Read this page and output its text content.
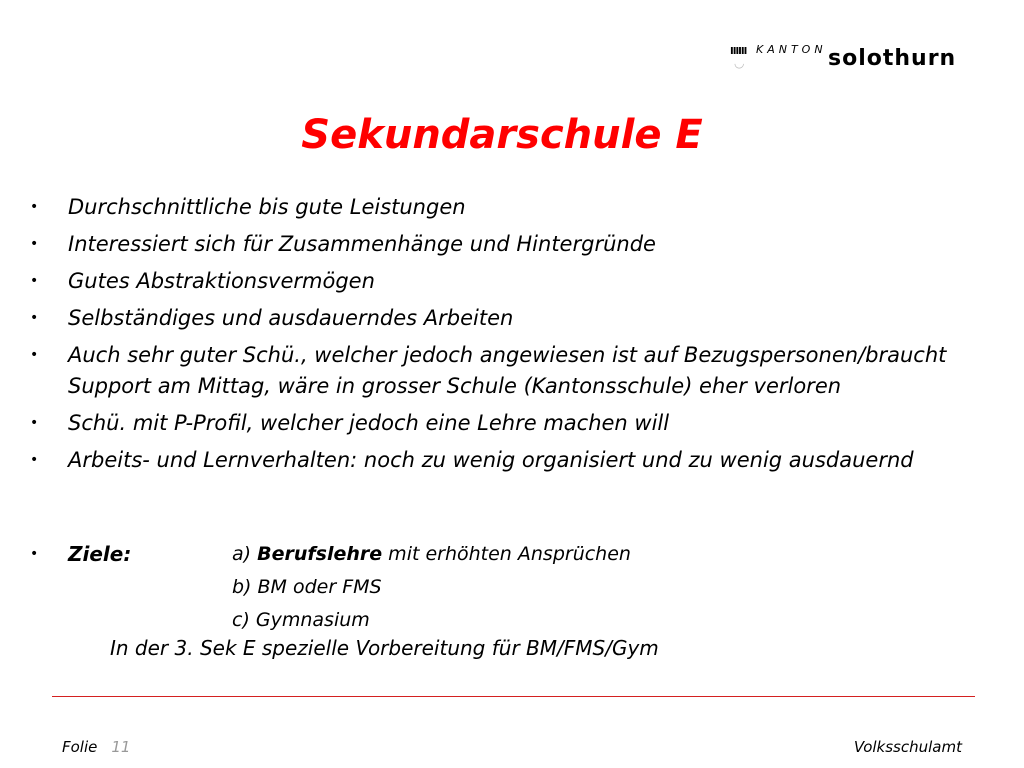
IIIIII
◡
KANTON solothurn
Sekundarschule E
• Durchschnittliche bis gute Leistungen
• Interessiert sich für Zusammenhänge und Hintergründe
• Gutes Abstraktionsvermögen
• Selbständiges und ausdauerndes Arbeiten
• Auch sehr guter Schü., welcher jedoch angewiesen ist auf Bezugspersonen/braucht Support am Mittag, wäre in grosser Schule (Kantonsschule) eher verloren
• Schü. mit P-Profil, welcher jedoch eine Lehre machen will
• Arbeits- und Lernverhalten: noch zu wenig organisiert und zu wenig ausdauernd
• Ziele:	a) Berufslehre mit erhöhten Ansprüchen
b) BM oder FMS
c) Gymnasium
In der 3. Sek E spezielle Vorbereitung für BM/FMS/Gym
Folie 11	Volksschulamt
